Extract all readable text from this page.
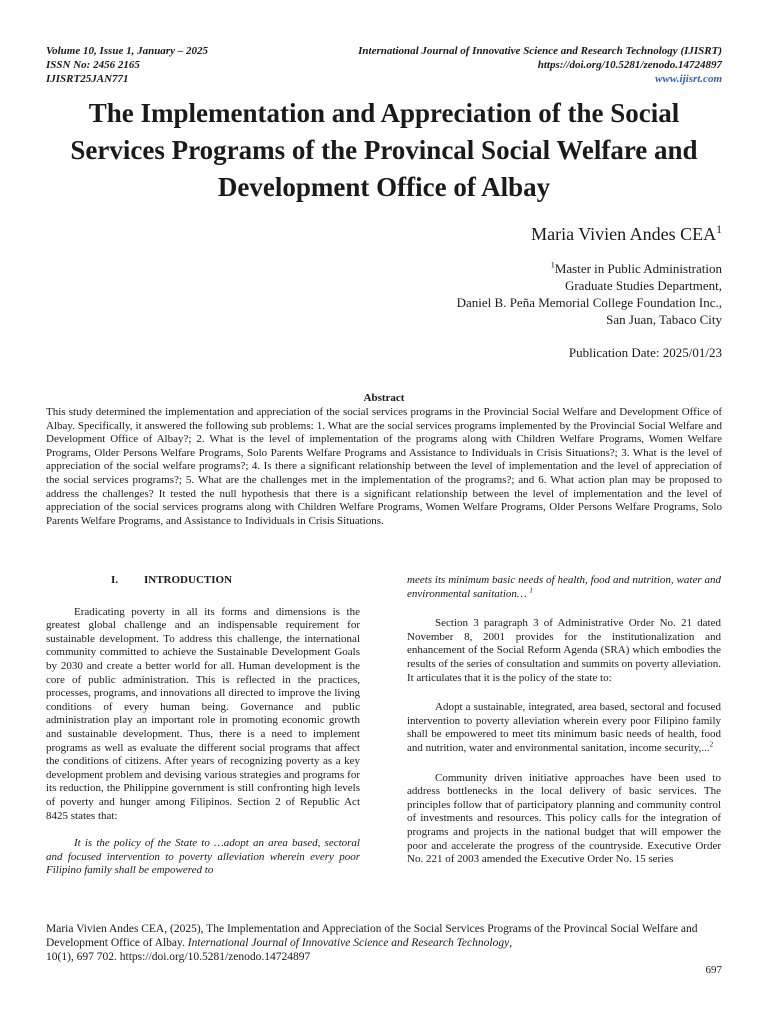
Volume 10, Issue 1, January – 2025
ISSN No: 2456 2165
IJISRT25JAN771
International Journal of Innovative Science and Research Technology (IJISRT)
https://doi.org/10.5281/zenodo.14724897
www.ijisrt.com
The Implementation and Appreciation of the Social Services Programs of the Provincal Social Welfare and Development Office of Albay
Maria Vivien Andes CEA$^1$
$^1$Master in Public Administration
Graduate Studies Department,
Daniel B. Peña Memorial College Foundation Inc.,
San Juan, Tabaco City
Publication Date: 2025/01/23
Abstract

This study determined the implementation and appreciation of the social services programs in the Provincial Social Welfare and Development Office of Albay. Specifically, it answered the following sub problems: 1. What are the social services programs implemented by the Provincial Social Welfare and Development Office of Albay?; 2. What is the level of implementation of the programs along with Children Welfare Programs, Women Welfare Programs, Older Persons Welfare Programs, Solo Parents Welfare Programs and Assistance to Individuals in Crisis Situations?; 3. What is the level of appreciation of the social welfare programs?; 4. Is there a significant relationship between the level of implementation and the level of appreciation of the social services programs?; 5. What are the challenges met in the implementation of the programs?; and 6. What action plan may be proposed to address the challenges? It tested the null hypothesis that there is a significant relationship between the level of implementation and the level of appreciation of the social services programs along with Children Welfare Programs, Women Welfare Programs, Older Persons Welfare Programs, Solo Parents Welfare Programs, and Assistance to Individuals in Crisis Situations.

I.	INTRODUCTION

Eradicating poverty in all its forms and dimensions is the greatest global challenge and an indispensable requirement for sustainable development. To address this challenge, the international community committed to achieve the Sustainable Development Goals by 2030 and create a better world for all. Human development is the core of public administration. This is reflected in the practices, processes, programs, and innovations all directed to improve the living conditions of every human being. Governance and public administration play an important role in promoting economic growth and sustainable development. Thus, there is a need to implement programs as well as evaluate the different social programs that affect the conditions of citizens. After years of recognizing poverty as a key development problem and devising various strategies and programs for its reduction, the Philippine government is still confronting high levels of poverty and hunger among Filipinos. Section 2 of Republic Act 8425 states that:

It is the policy of the State to …adopt an area based, sectoral and focused intervention to poverty alleviation wherein every poor Filipino family shall be empowered to

meets its minimum basic needs of health, food and nutrition, water and environmental sanitation… $^1$

Section 3 paragraph 3 of Administrative Order No. 21 dated November 8, 2001 provides for the institutionalization and enhancement of the Social Reform Agenda (SRA) which embodies the results of the series of consultation and summits on poverty alleviation. It articulates that it is the policy of the state to:

Adopt a sustainable, integrated, area based, sectoral and focused intervention to poverty alleviation wherein every poor Filipino family shall be empowered to meet tits minimum basic needs of health, food and nutrition, water and environmental sanitation, income security,...$^2$

Community driven initiative approaches have been used to address bottlenecks in the local delivery of basic services. The principles follow that of participatory planning and community control of investments and resources. This policy calls for the integration of programs and projects in the national budget that will empower the poor and accelerate the progress of the countryside. Executive Order No. 221 of 2003 amended the Executive Order No. 15 series

Maria Vivien Andes CEA, (2025), The Implementation and Appreciation of the Social Services Programs of the Provincal Social Welfare and Development Office of Albay. International Journal of Innovative Science and Research Technology,
10(1), 697 702. https://doi.org/10.5281/zenodo.14724897
697
